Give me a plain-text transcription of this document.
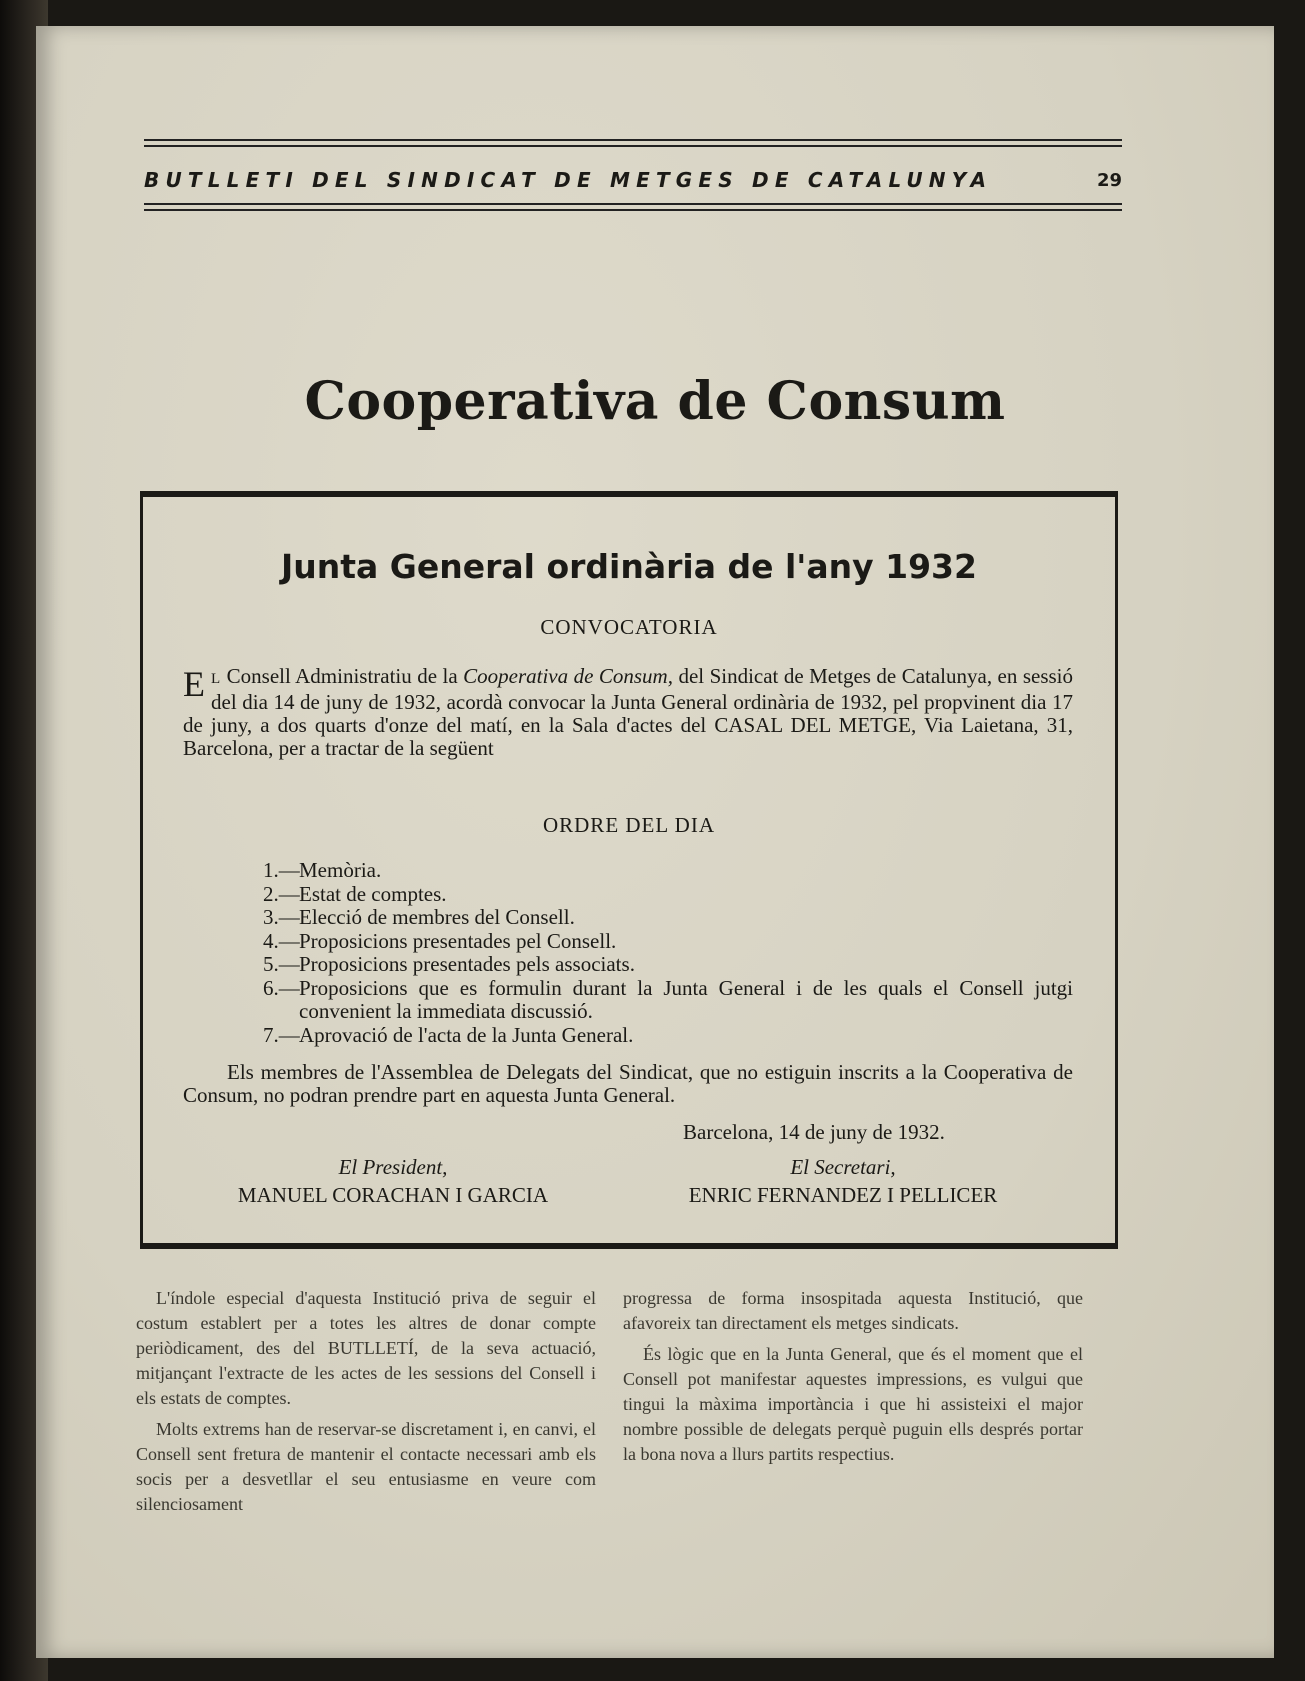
BUTLLETI DEL SINDICAT DE METGES DE CATALUNYA	29
Cooperativa de Consum
Junta General ordinària de l'any 1932
CONVOCATORIA
E L Consell Administratiu de la Cooperativa de Consum, del Sindicat de Metges de Catalunya, en sessió del dia 14 de juny de 1932, acordà convocar la Junta General ordinària de 1932, pel propvinent dia 17 de juny, a dos quarts d'onze del matí, en la Sala d'actes del CASAL DEL METGE, Via Laietana, 31, Barcelona, per a tractar de la següent
ORDRE DEL DIA
1.— Memòria.
2.— Estat de comptes.
3.— Elecció de membres del Consell.
4.— Proposicions presentades pel Consell.
5.— Proposicions presentades pels associats.
6.— Proposicions que es formulin durant la Junta General i de les quals el Consell jutgi convenient la immediata discussió.
7.— Aprovació de l'acta de la Junta General.
Els membres de l'Assemblea de Delegats del Sindicat, que no estiguin inscrits a la Cooperativa de Consum, no podran prendre part en aquesta Junta General.
Barcelona, 14 de juny de 1932.
El President,
MANUEL CORACHAN I GARCIA
El Secretari,
ENRIC FERNANDEZ I PELLICER

L'índole especial d'aquesta Institució priva de seguir el costum establert per a totes les altres de donar compte periòdicament, des del BUTLLETÍ, de la seva actuació, mitjançant l'extracte de les actes de les sessions del Consell i els estats de comptes.

Molts extrems han de reservar-se discretament i, en canvi, el Consell sent fretura de mantenir el contacte necessari amb els socis per a desvetllar el seu entusiasme en veure com silenciosament

progressa de forma insospitada aquesta Institució, que afavoreix tan directament els metges sindicats.

És lògic que en la Junta General, que és el moment que el Consell pot manifestar aquestes impressions, es vulgui que tingui la màxima importància i que hi assisteixi el major nombre possible de delegats perquè puguin ells després portar la bona nova a llurs partits respectius.
